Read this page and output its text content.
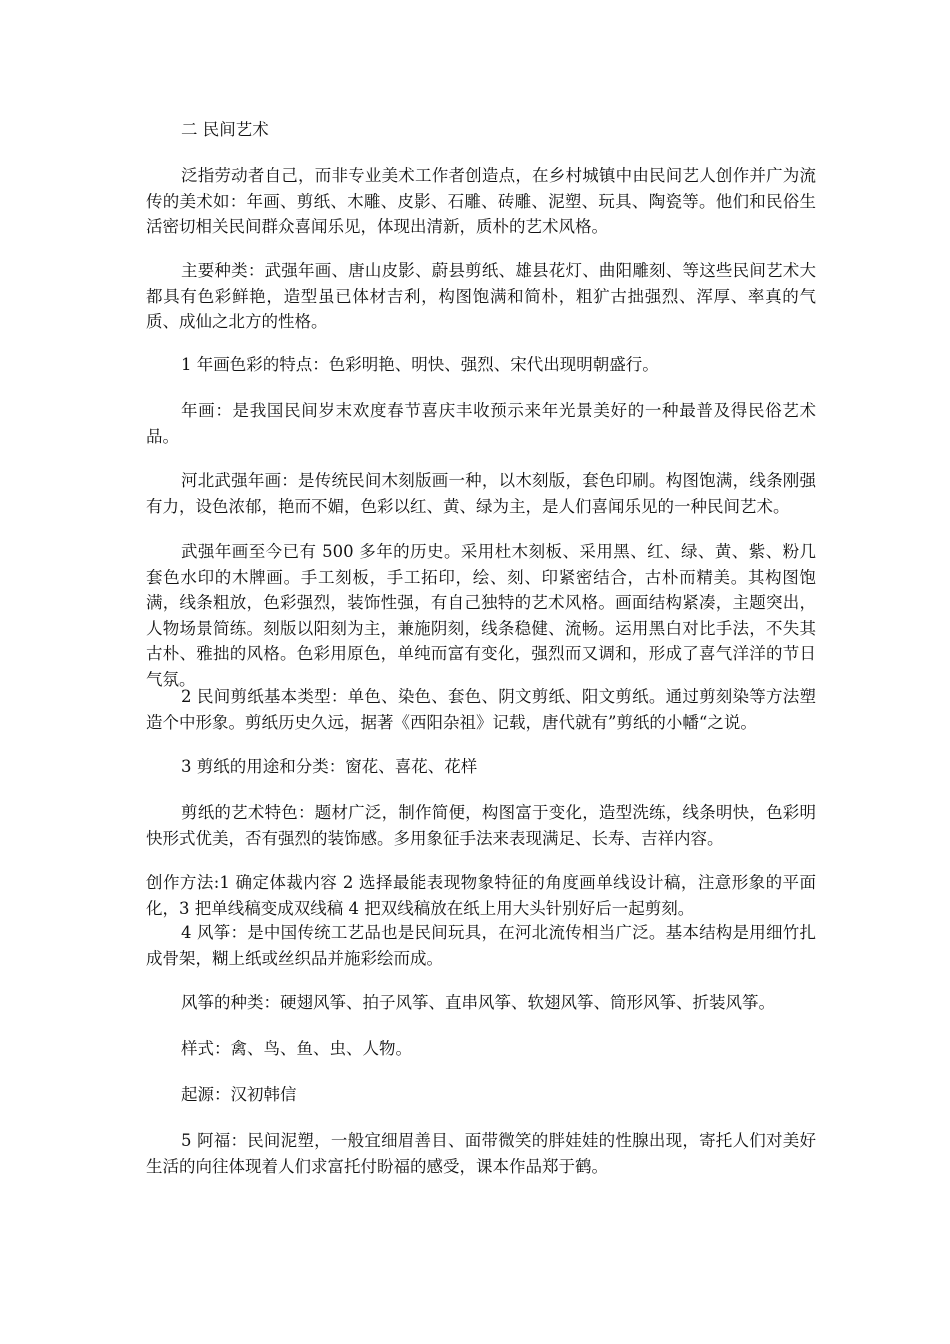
二 民间艺术

泛指劳动者自己，而非专业美术工作者创造点，在乡村城镇中由民间艺人创作并广为流传的美术如：年画、剪纸、木雕、皮影、石雕、砖雕、泥塑、玩具、陶瓷等。他们和民俗生活密切相关民间群众喜闻乐见，体现出清新，质朴的艺术风格。

主要种类：武强年画、唐山皮影、蔚县剪纸、雄县花灯、曲阳雕刻、等这些民间艺术大都具有色彩鲜艳，造型虽已体材吉利，构图饱满和简朴，粗犷古拙强烈、浑厚、率真的气质、成仙之北方的性格。

1 年画色彩的特点：色彩明艳、明快、强烈、宋代出现明朝盛行。

年画：是我国民间岁末欢度春节喜庆丰收预示来年光景美好的一种最普及得民俗艺术品。

河北武强年画：是传统民间木刻版画一种，以木刻版，套色印刷。构图饱满，线条刚强有力，设色浓郁，艳而不媚，色彩以红、黄、绿为主，是人们喜闻乐见的一种民间艺术。

武强年画至今已有 500 多年的历史。采用杜木刻板、采用黑、红、绿、黄、紫、粉几套色水印的木牌画。手工刻板，手工拓印，绘、刻、印紧密结合，古朴而精美。其构图饱满，线条粗放，色彩强烈，装饰性强，有自己独特的艺术风格。画面结构紧凑，主题突出，人物场景简练。刻版以阳刻为主，兼施阴刻，线条稳健、流畅。运用黑白对比手法，不失其古朴、雅拙的风格。色彩用原色，单纯而富有变化，强烈而又调和，形成了喜气洋洋的节日气氛。

2 民间剪纸基本类型：单色、染色、套色、阴文剪纸、阳文剪纸。通过剪刻染等方法塑造个中形象。剪纸历史久远，据著《西阳杂祖》记载，唐代就有”剪纸的小幡“之说。

3 剪纸的用途和分类：窗花、喜花、花样

剪纸的艺术特色：题材广泛，制作简便，构图富于变化，造型洗练，线条明快，色彩明快形式优美，否有强烈的装饰感。多用象征手法来表现满足、长寿、吉祥内容。

创作方法:1 确定体裁内容 2 选择最能表现物象特征的角度画单线设计稿，注意形象的平面化，3 把单线稿变成双线稿 4 把双线稿放在纸上用大头针别好后一起剪刻。

4 风筝：是中国传统工艺品也是民间玩具，在河北流传相当广泛。基本结构是用细竹扎成骨架，糊上纸或丝织品并施彩绘而成。

风筝的种类：硬翅风筝、拍子风筝、直串风筝、软翅风筝、筒形风筝、折装风筝。

样式：禽、鸟、鱼、虫、人物。

起源：汉初韩信

5 阿福：民间泥塑，一般宜细眉善目、面带微笑的胖娃娃的性腺出现，寄托人们对美好生活的向往体现着人们求富托付盼福的感受，课本作品郑于鹤。
